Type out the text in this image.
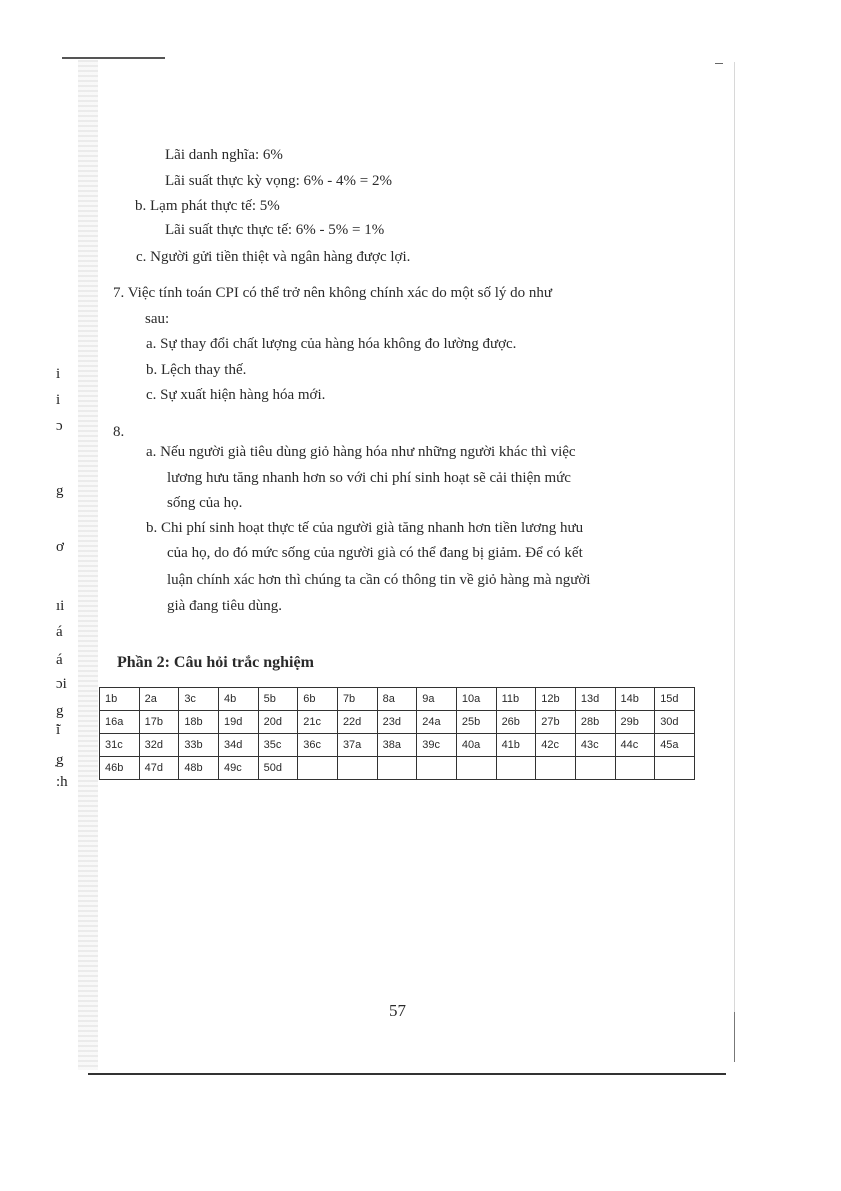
i
i
ɔ
g
ơ
ıi
á
á
ɔi
g
̃i
̣g
:h
Lãi danh nghĩa: 6%
Lãi suất thực kỳ vọng: 6% - 4% = 2%
b. Lạm phát thực tế: 5%
Lãi suất thực thực tế: 6% - 5% = 1%
c. Người gửi tiền thiệt và ngân hàng được lợi.
7. Việc tính toán CPI có thể trở nên không chính xác do một số lý do như
sau:
a. Sự thay đổi chất lượng của hàng hóa không đo lường được.
b. Lệch thay thế.
c. Sự xuất hiện hàng hóa mới.
8.
a. Nếu người già tiêu dùng giỏ hàng hóa như những người khác thì việc
lương hưu tăng nhanh hơn so với chi phí sinh hoạt sẽ cải thiện mức
sống của họ.
b. Chi phí sinh hoạt thực tế của người già tăng nhanh hơn tiền lương hưu
của họ, do đó mức sống của người già có thể đang bị giảm. Để có kết
luận chính xác hơn thì chúng ta cần có thông tin về giỏ hàng mà người
già đang tiêu dùng.
Phần 2: Câu hỏi trắc nghiệm
1b	2a	3c	4b	5b	6b	7b	8a	9a	10a	11b	12b	13d	14b	15d
16a	17b	18b	19d	20d	21c	22d	23d	24a	25b	26b	27b	28b	29b	30d
31c	32d	33b	34d	35c	36c	37a	38a	39c	40a	41b	42c	43c	44c	45a
46b	47d	48b	49c	50d										
57
